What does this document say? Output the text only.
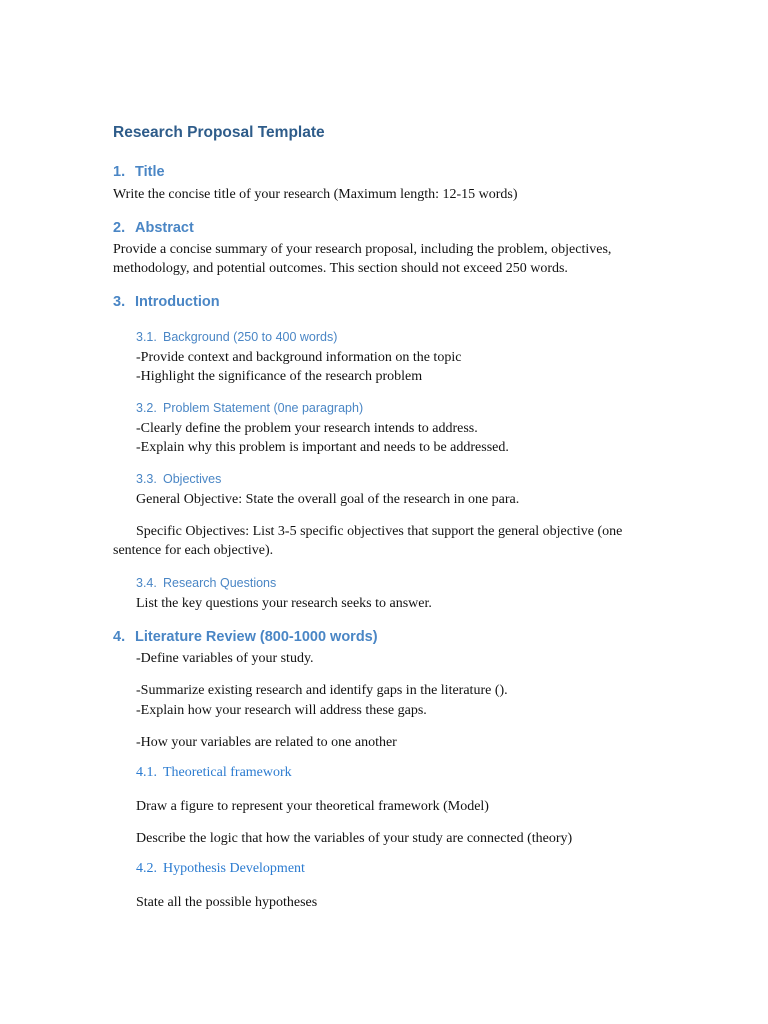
Research Proposal Template
1. Title
Write the concise title of your research (Maximum length: 12-15 words)
2. Abstract
Provide a concise summary of your research proposal, including the problem, objectives,
methodology, and potential outcomes. This section should not exceed 250 words.
3. Introduction
3.1. Background (250 to 400 words)
-Provide context and background information on the topic
-Highlight the significance of the research problem
3.2. Problem Statement (0ne paragraph)
-Clearly define the problem your research intends to address.
-Explain why this problem is important and needs to be addressed.
3.3. Objectives
General Objective: State the overall goal of the research in one para.
Specific Objectives: List 3-5 specific objectives that support the general objective (one
sentence for each objective).
3.4. Research Questions
List the key questions your research seeks to answer.
4. Literature Review (800-1000 words)
-Define variables of your study.
-Summarize existing research and identify gaps in the literature ().
-Explain how your research will address these gaps.
-How your variables are related to one another
4.1. Theoretical framework
Draw a figure to represent your theoretical framework (Model)
Describe the logic that how the variables of your study are connected (theory)
4.2. Hypothesis Development
State all the possible hypotheses
